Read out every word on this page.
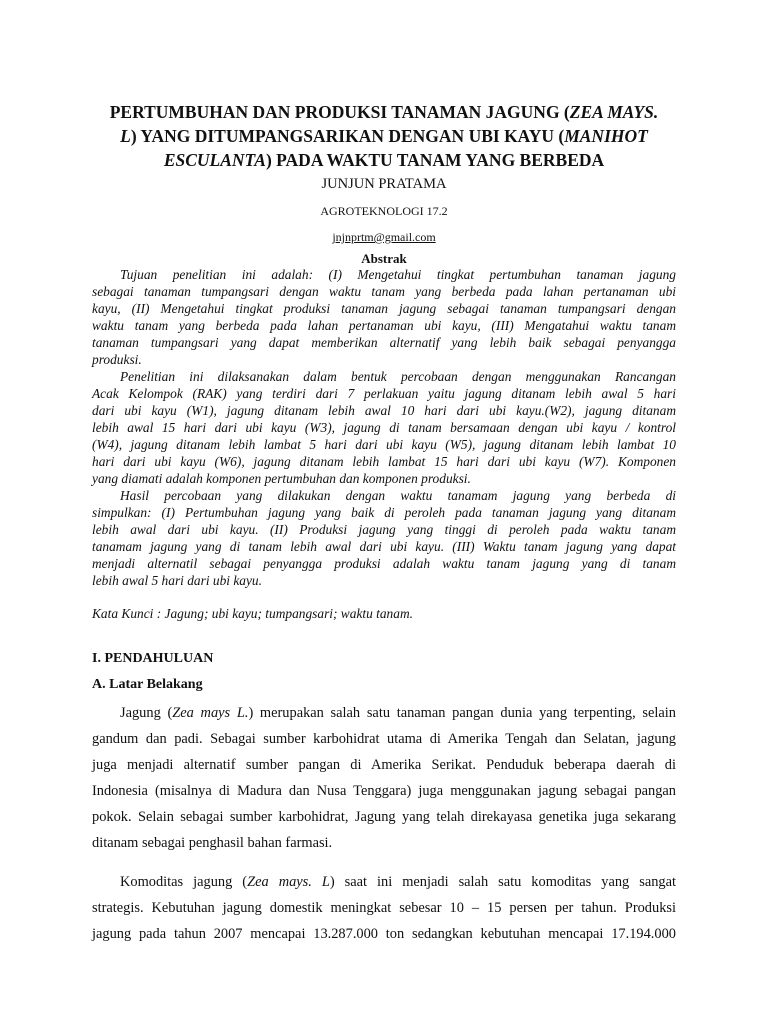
PERTUMBUHAN DAN PRODUKSI TANAMAN JAGUNG (ZEA MAYS.
L) YANG DITUMPANGSARIKAN DENGAN UBI KAYU (MANIHOT
ESCULANTA) PADA WAKTU TANAM YANG BERBEDA
JUNJUN PRATAMA
AGROTEKNOLOGI 17.2
jnjnprtm@gmail.com
Abstrak
Tujuan penelitian ini adalah: (I) Mengetahui tingkat pertumbuhan tanaman jagung
sebagai tanaman tumpangsari dengan waktu tanam yang berbeda pada lahan pertanaman ubi
kayu, (II) Mengetahui tingkat produksi tanaman jagung sebagai tanaman tumpangsari dengan
waktu tanam yang berbeda pada lahan pertanaman ubi kayu, (III) Mengatahui waktu tanam
tanaman tumpangsari yang dapat memberikan alternatif yang lebih baik sebagai penyangga
produksi.
Penelitian ini dilaksanakan dalam bentuk percobaan dengan menggunakan Rancangan
Acak Kelompok (RAK) yang terdiri dari 7 perlakuan yaitu jagung ditanam lebih awal 5 hari
dari ubi kayu (W1), jagung ditanam lebih awal 10 hari dari ubi kayu.(W2), jagung ditanam
lebih awal 15 hari dari ubi kayu (W3), jagung di tanam bersamaan dengan ubi kayu / kontrol
(W4), jagung ditanam lebih lambat 5 hari dari ubi kayu (W5), jagung ditanam lebih lambat 10
hari dari ubi kayu (W6), jagung ditanam lebih lambat 15 hari dari ubi kayu (W7). Komponen
yang diamati adalah komponen pertumbuhan dan komponen produksi.
Hasil percobaan yang dilakukan dengan waktu tanamam jagung yang berbeda di
simpulkan: (I) Pertumbuhan jagung yang baik di peroleh pada tanaman jagung yang ditanam
lebih awal dari ubi kayu. (II) Produksi jagung yang tinggi di peroleh pada waktu tanam
tanamam jagung yang di tanam lebih awal dari ubi kayu. (III) Waktu tanam jagung yang dapat
menjadi alternatil sebagai penyangga produksi adalah waktu tanam jagung yang di tanam
lebih awal 5 hari dari ubi kayu.
Kata Kunci : Jagung; ubi kayu; tumpangsari; waktu tanam.
I. PENDAHULUAN
A. Latar Belakang
Jagung (Zea mays L.) merupakan salah satu tanaman pangan dunia yang terpenting, selain
gandum dan padi. Sebagai sumber karbohidrat utama di Amerika Tengah dan Selatan, jagung
juga menjadi alternatif sumber pangan di Amerika Serikat. Penduduk beberapa daerah di
Indonesia (misalnya di Madura dan Nusa Tenggara) juga menggunakan jagung sebagai pangan
pokok. Selain sebagai sumber karbohidrat, Jagung yang telah direkayasa genetika juga sekarang
ditanam sebagai penghasil bahan farmasi.
Komoditas jagung (Zea mays. L) saat ini menjadi salah satu komoditas yang sangat
strategis. Kebutuhan jagung domestik meningkat sebesar 10 – 15 persen per tahun. Produksi
jagung pada tahun 2007 mencapai 13.287.000 ton sedangkan kebutuhan mencapai 17.194.000
